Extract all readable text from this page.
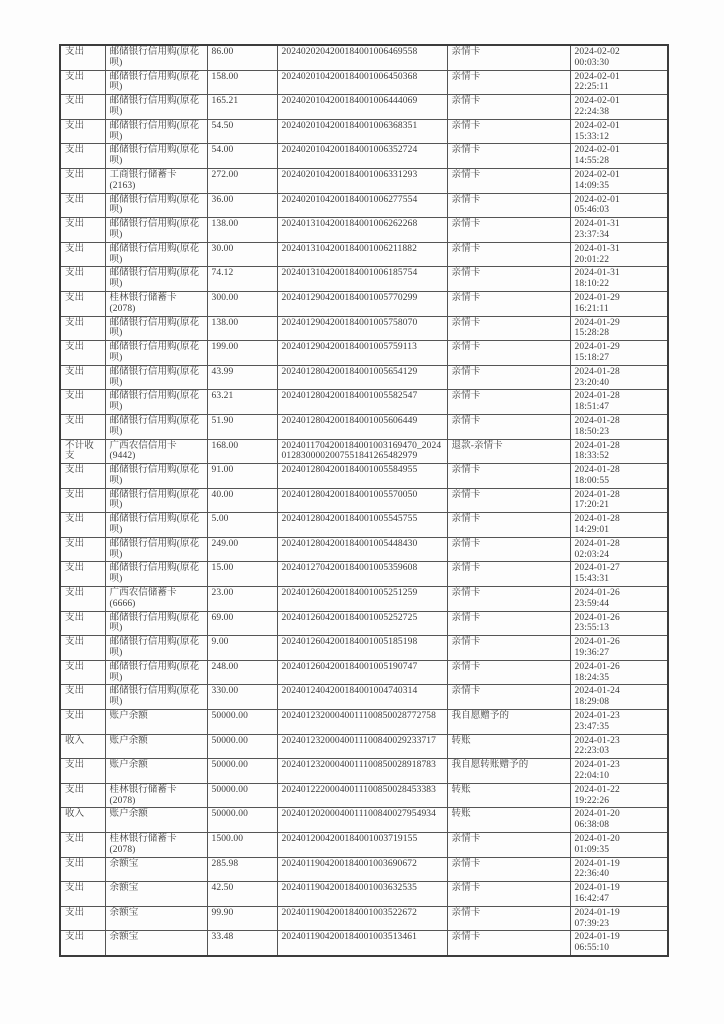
支出	邮储银行信用购(原花呗)	86.00	2024020204200184001006469558	亲情卡	2024-02-02
00:03:30

支出	邮储银行信用购(原花呗)	158.00	2024020104200184001006450368	亲情卡	2024-02-01
22:25:11

支出	邮储银行信用购(原花呗)	165.21	2024020104200184001006444069	亲情卡	2024-02-01
22:24:38

支出	邮储银行信用购(原花呗)	54.50	2024020104200184001006368351	亲情卡	2024-02-01
15:33:12

支出	邮储银行信用购(原花呗)	54.00	2024020104200184001006352724	亲情卡	2024-02-01
14:55:28

支出	工商银行储蓄卡(2163)	272.00	2024020104200184001006331293	亲情卡	2024-02-01
14:09:35

支出	邮储银行信用购(原花呗)	36.00	2024020104200184001006277554	亲情卡	2024-02-01
05:46:03

支出	邮储银行信用购(原花呗)	138.00	2024013104200184001006262268	亲情卡	2024-01-31
23:37:34

支出	邮储银行信用购(原花呗)	30.00	2024013104200184001006211882	亲情卡	2024-01-31
20:01:22

支出	邮储银行信用购(原花呗)	74.12	2024013104200184001006185754	亲情卡	2024-01-31
18:10:22

支出	桂林银行储蓄卡(2078)	300.00	2024012904200184001005770299	亲情卡	2024-01-29
16:21:11

支出	邮储银行信用购(原花呗)	138.00	2024012904200184001005758070	亲情卡	2024-01-29
15:28:28

支出	邮储银行信用购(原花呗)	199.00	2024012904200184001005759113	亲情卡	2024-01-29
15:18:27

支出	邮储银行信用购(原花呗)	43.99	2024012804200184001005654129	亲情卡	2024-01-28
23:20:40

支出	邮储银行信用购(原花呗)	63.21	2024012804200184001005582547	亲情卡	2024-01-28
18:51:47

支出	邮储银行信用购(原花呗)	51.90	2024012804200184001005606449	亲情卡	2024-01-28
18:50:23

不计收支	广西农信信用卡(9442)	168.00	2024011704200184001003169470_20240128300002007551841265482979	退款-亲情卡	2024-01-28
18:33:52

支出	邮储银行信用购(原花呗)	91.00	2024012804200184001005584955	亲情卡	2024-01-28
18:00:55

支出	邮储银行信用购(原花呗)	40.00	2024012804200184001005570050	亲情卡	2024-01-28
17:20:21

支出	邮储银行信用购(原花呗)	5.00	2024012804200184001005545755	亲情卡	2024-01-28
14:29:01

支出	邮储银行信用购(原花呗)	249.00	2024012804200184001005448430	亲情卡	2024-01-28
02:03:24

支出	邮储银行信用购(原花呗)	15.00	2024012704200184001005359608	亲情卡	2024-01-27
15:43:31

支出	广西农信储蓄卡(6666)	23.00	2024012604200184001005251259	亲情卡	2024-01-26
23:59:44

支出	邮储银行信用购(原花呗)	69.00	2024012604200184001005252725	亲情卡	2024-01-26
23:55:13

支出	邮储银行信用购(原花呗)	9.00	2024012604200184001005185198	亲情卡	2024-01-26
19:36:27

支出	邮储银行信用购(原花呗)	248.00	2024012604200184001005190747	亲情卡	2024-01-26
18:24:35

支出	邮储银行信用购(原花呗)	330.00	2024012404200184001004740314	亲情卡	2024-01-24
18:29:08

支出	账户余额	50000.00	20240123200040011100850028772758	我自愿赠予的	2024-01-23
23:47:35

收入	账户余额	50000.00	20240123200040011100840029233717	转账	2024-01-23
22:23:03

支出	账户余额	50000.00	20240123200040011100850028918783	我自愿转账赠予的	2024-01-23
22:04:10

支出	桂林银行储蓄卡(2078)	50000.00	20240122200040011100850028453383	转账	2024-01-22
19:22:26

收入	账户余额	50000.00	20240120200040011100840027954934	转账	2024-01-20
06:38:08

支出	桂林银行储蓄卡(2078)	1500.00	2024012004200184001003719155	亲情卡	2024-01-20
01:09:35

支出	余额宝	285.98	2024011904200184001003690672	亲情卡	2024-01-19
22:36:40

支出	余额宝	42.50	2024011904200184001003632535	亲情卡	2024-01-19
16:42:47

支出	余额宝	99.90	2024011904200184001003522672	亲情卡	2024-01-19
07:39:23

支出	余额宝	33.48	2024011904200184001003513461	亲情卡	2024-01-19
06:55:10
